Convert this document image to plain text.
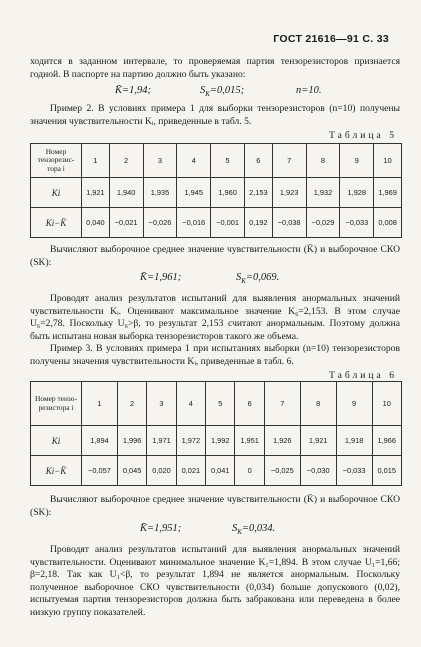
ГОСТ 21616—91 С. 33
ходится в заданном интервале, то проверяемая партия тензорезисторов признается годной. В паспорте на партию должно быть указано:
K̄=1,94;	$S_K=0,015$;	n=10.
Пример 2. В условиях примера 1 для выборки тензорезисторов (n=10) получены значения чувствительности Kᵢ, приведенные в табл. 5.
Таблица 5
Номер тензорезис-тора i	1	2	3	4	5	6	7	8	9	10
Ki	1,921	1,940	1,935	1,945	1,960	2,153	1,923	1,932	1,928	1,969
Ki−K̄	0,040	−0,021	−0,026	−0,016	−0,001	0,192	−0,038	−0,029	−0,033	0,008
Вычисляют выборочное среднее значение чувствительности (K̄) и выборочное СКО (SK):
K̄=1,961;	$S_K=0,069$.
Проводят анализ результатов испытаний для выявления анормальных значений чувствительности Kᵢ. Оценивают максимальное значение K₆=2,153. В этом случае U₆=2,78. Поскольку U₆>β, то результат 2,153 считают анормальным. Поэтому должна быть испытана новая выборка тензорезисторов такого же объема.
Пример 3. В условиях примера 1 при испытаниях выборки (n=10) тензорезисторов получены значения чувствительности Kᵢ, приведенные в табл. 6.
Таблица 6
Номер тензо-резистора i	1	2	3	4	5	6	7	8	9	10
Ki	1,894	1,996	1,971	1,972	1,992	1,951	1,926	1,921	1,918	1,966
Ki−K̄	−0,057	0,045	0,020	0,021	0,041	0	−0,025	−0,030	−0,033	0,015
Вычисляют выборочное среднее значение чувствительности (K̄) и выборочное СКО (SK):
K̄=1,951;	$S_K=0,034$.
Проводят анализ результатов испытаний для выявления анормальных значений чувствительности. Оценивают минимальное значение K₁=1,894. В этом случае U₁=1,66; β=2,18. Так как U₁<β, то результат 1,894 не является анормальным. Поскольку полученное выборочное СКО чувствительности (0,034) больше допускового (0,02), испытуемая партия тензорезисторов должна быть забракована или переведена в более низкую группу показателей.
